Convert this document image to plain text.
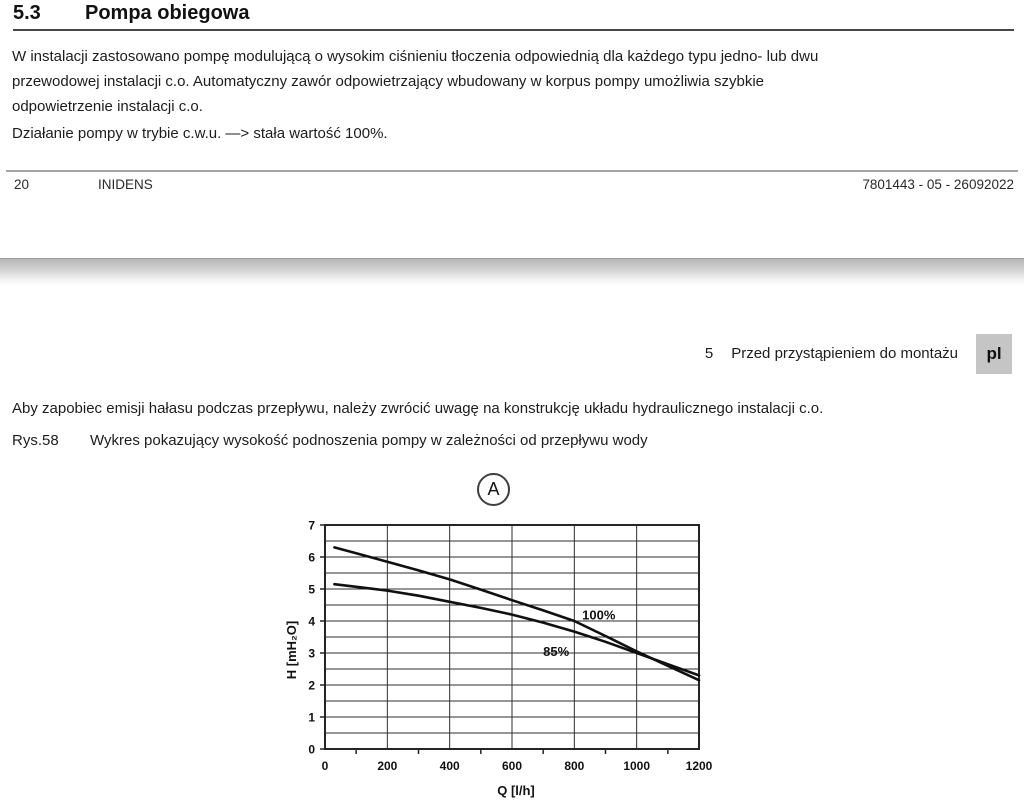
5.3	Pompa obiegowa
W instalacji zastosowano pompę modulującą o wysokim ciśnieniu tłoczenia odpowiednią dla każdego typu jedno- lub dwu
przewodowej instalacji c.o. Automatyczny zawór odpowietrzający wbudowany w korpus pompy umożliwia szybkie
odpowietrzenie instalacji c.o.
Działanie pompy w trybie c.w.u. —> stała wartość 100%.
20	INIDENS	7801443 - 05 - 26092022
5 Przed przystąpieniem do montażu	pl
Aby zapobiec emisji hałasu podczas przepływu, należy zwrócić uwagę na konstrukcję układu hydraulicznego instalacji c.o.
Rys.58	Wykres pokazujący wysokość podnoszenia pompy w zależności od przepływu wody
A
0
1
2
3
4
5
6
7
0	200	400	600	800	1000	1200
100%
85%
H [mH₂O]
Q [l/h]
